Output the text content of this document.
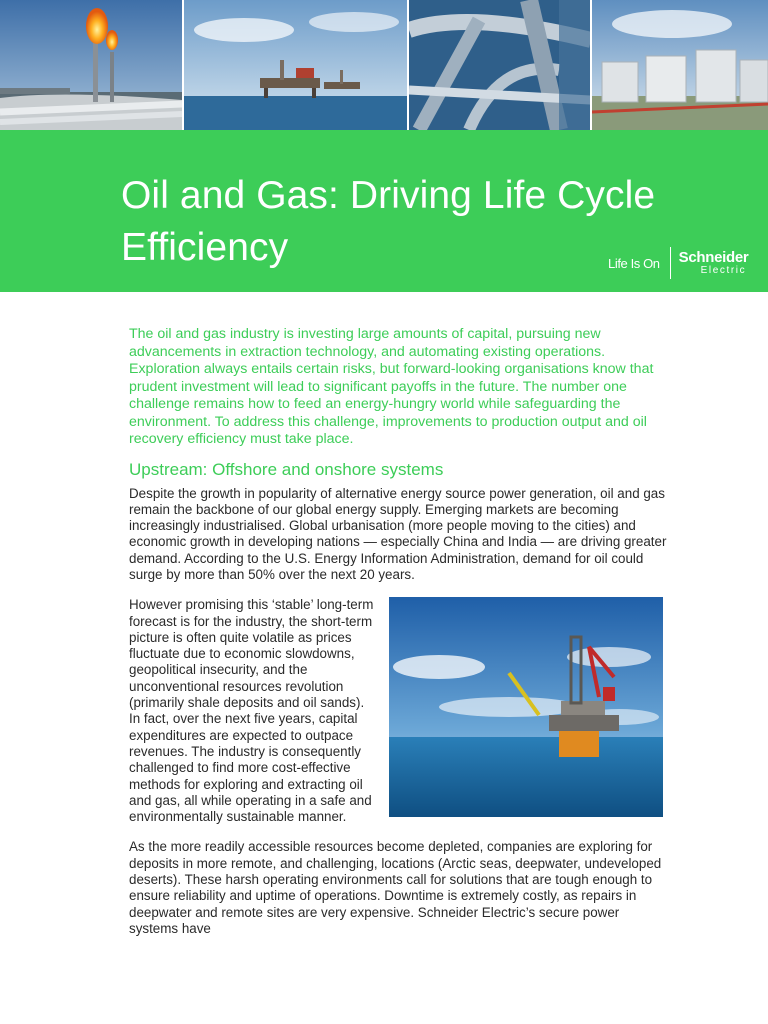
Oil and Gas: Driving Life Cycle Efficiency	Life Is On Schneider
Electric

The oil and gas industry is investing large amounts of capital, pursuing new advancements in extraction technology, and automating existing operations. Exploration always entails certain risks, but forward-looking organisations know that prudent investment will lead to significant payoffs in the future. The number one challenge remains how to feed an energy-hungry world while safeguarding the environment. To address this challenge, improvements to production output and oil recovery efficiency must take place.

Upstream: Offshore and onshore systems

Despite the growth in popularity of alternative energy source power generation, oil and gas remain the backbone of our global energy supply. Emerging markets are becoming increasingly industrialised. Global urbanisation (more people moving to the cities) and economic growth in developing nations — especially China and India — are driving greater demand. According to the U.S. Energy Information Administration, demand for oil could surge by more than 50% over the next 20 years.

However promising this ‘stable’ long-term forecast is for the industry, the short-term picture is often quite volatile as prices fluctuate due to economic slowdowns, geopolitical insecurity, and the unconventional resources revolution (primarily shale deposits and oil sands). In fact, over the next five years, capital expenditures are expected to outpace revenues. The industry is consequently challenged to find more cost-effective methods for exploring and extracting oil and gas, all while operating in a safe and environmentally sustainable manner.

As the more readily accessible resources become depleted, companies are exploring for deposits in more remote, and challenging, locations (Arctic seas, deepwater, undeveloped deserts). These harsh operating environments call for solutions that are tough enough to ensure reliability and uptime of operations. Downtime is extremely costly, as repairs in deepwater and remote sites are very expensive. Schneider Electric’s secure power systems have
